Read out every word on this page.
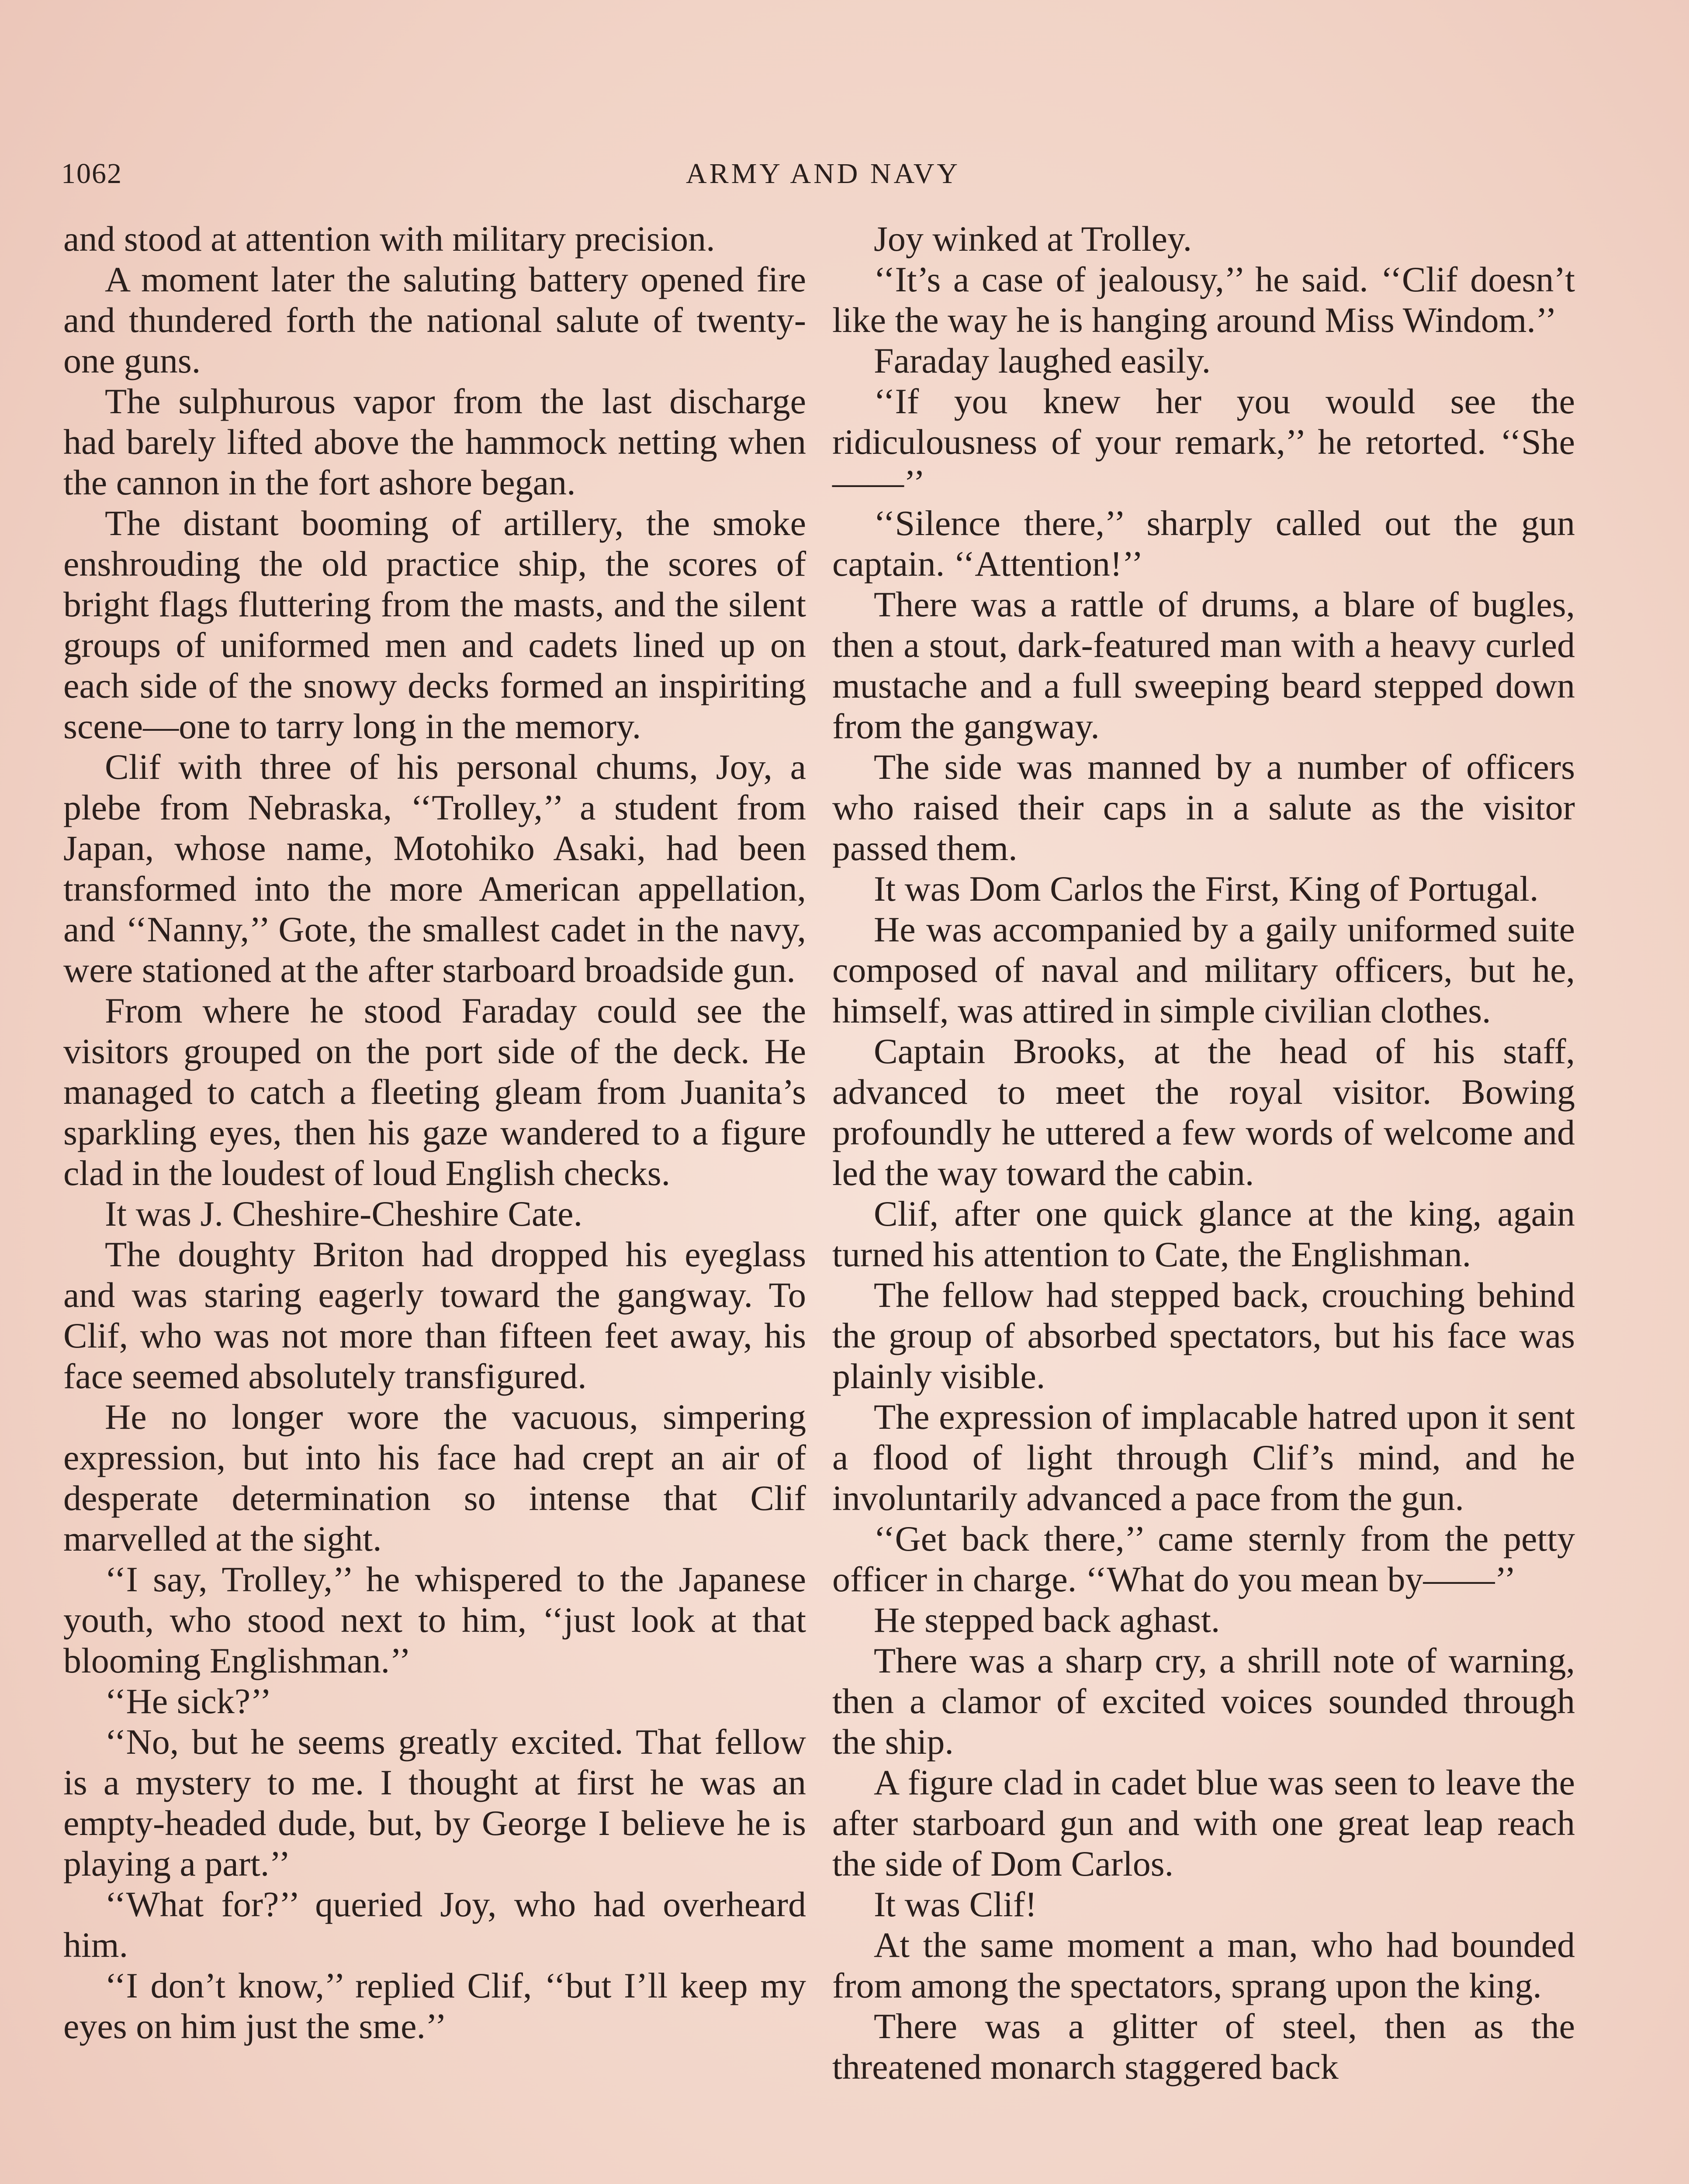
1062	ARMY AND NAVY

and stood at attention with military precision.

A moment later the saluting battery opened fire and thundered forth the national salute of twenty-one guns.

The sulphurous vapor from the last discharge had barely lifted above the hammock netting when the cannon in the fort ashore began.

The distant booming of artillery, the smoke enshrouding the old practice ship, the scores of bright flags fluttering from the masts, and the silent groups of uniformed men and cadets lined up on each side of the snowy decks formed an inspiriting scene—one to tarry long in the memory.

Clif with three of his personal chums, Joy, a plebe from Nebraska, ‘‘Trolley,’’ a student from Japan, whose name, Motohiko Asaki, had been transformed into the more American appellation, and ‘‘Nanny,’’ Gote, the smallest cadet in the navy, were stationed at the after starboard broadside gun.

From where he stood Faraday could see the visitors grouped on the port side of the deck. He managed to catch a fleeting gleam from Juanita’s sparkling eyes, then his gaze wandered to a figure clad in the loudest of loud English checks.

It was J. Cheshire-Cheshire Cate.

The doughty Briton had dropped his eyeglass and was staring eagerly toward the gangway. To Clif, who was not more than fifteen feet away, his face seemed absolutely transfigured.

He no longer wore the vacuous, simpering expression, but into his face had crept an air of desperate determination so intense that Clif marvelled at the sight.

‘‘I say, Trolley,’’ he whispered to the Japanese youth, who stood next to him, ‘‘just look at that blooming Englishman.’’

‘‘He sick?’’

‘‘No, but he seems greatly excited. That fellow is a mystery to me. I thought at first he was an empty-headed dude, but, by George I believe he is playing a part.’’

‘‘What for?’’ queried Joy, who had overheard him.

‘‘I don’t know,’’ replied Clif, ‘‘but I’ll keep my eyes on him just the sme.’’

Joy winked at Trolley.

‘‘It’s a case of jealousy,’’ he said. ‘‘Clif doesn’t like the way he is hanging around Miss Windom.’’

Faraday laughed easily.

‘‘If you knew her you would see the ridiculousness of your remark,’’ he retorted. ‘‘She——’’

‘‘Silence there,’’ sharply called out the gun captain. ‘‘Attention!’’

There was a rattle of drums, a blare of bugles, then a stout, dark-featured man with a heavy curled mustache and a full sweeping beard stepped down from the gangway.

The side was manned by a number of officers who raised their caps in a salute as the visitor passed them.

It was Dom Carlos the First, King of Portugal.

He was accompanied by a gaily uniformed suite composed of naval and military officers, but he, himself, was attired in simple civilian clothes.

Captain Brooks, at the head of his staff, advanced to meet the royal visitor. Bowing profoundly he uttered a few words of welcome and led the way toward the cabin.

Clif, after one quick glance at the king, again turned his attention to Cate, the Englishman.

The fellow had stepped back, crouching behind the group of absorbed spectators, but his face was plainly visible.

The expression of implacable hatred upon it sent a flood of light through Clif’s mind, and he involuntarily advanced a pace from the gun.

‘‘Get back there,’’ came sternly from the petty officer in charge. ‘‘What do you mean by——’’

He stepped back aghast.

There was a sharp cry, a shrill note of warning, then a clamor of excited voices sounded through the ship.

A figure clad in cadet blue was seen to leave the after starboard gun and with one great leap reach the side of Dom Carlos.

It was Clif!

At the same moment a man, who had bounded from among the spectators, sprang upon the king.

There was a glitter of steel, then as the threatened monarch staggered back
